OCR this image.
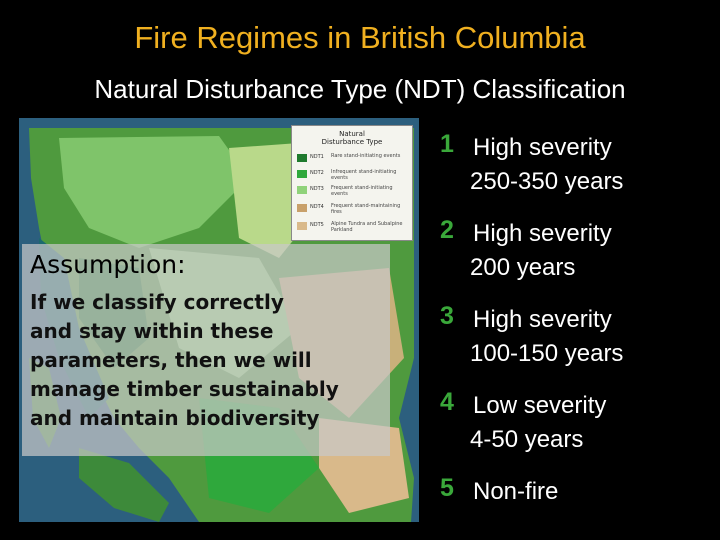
Fire Regimes in British Columbia
Natural Disturbance Type (NDT) Classification
Natural
Disturbance Type
NDT1 Rare stand-initiating events
NDT2 Infrequent stand-initiating events
NDT3 Frequent stand-initiating events
NDT4 Frequent stand-maintaining fires
NDT5 Alpine Tundra and Subalpine Parkland
Assumption:
If we classify correctly
and stay within these
parameters, then we will
manage timber sustainably
and maintain biodiversity
1 High severity
250-350 years
2 High severity
200 years
3 High severity
100-150 years
4 Low severity
4-50 years
5 Non-fire
